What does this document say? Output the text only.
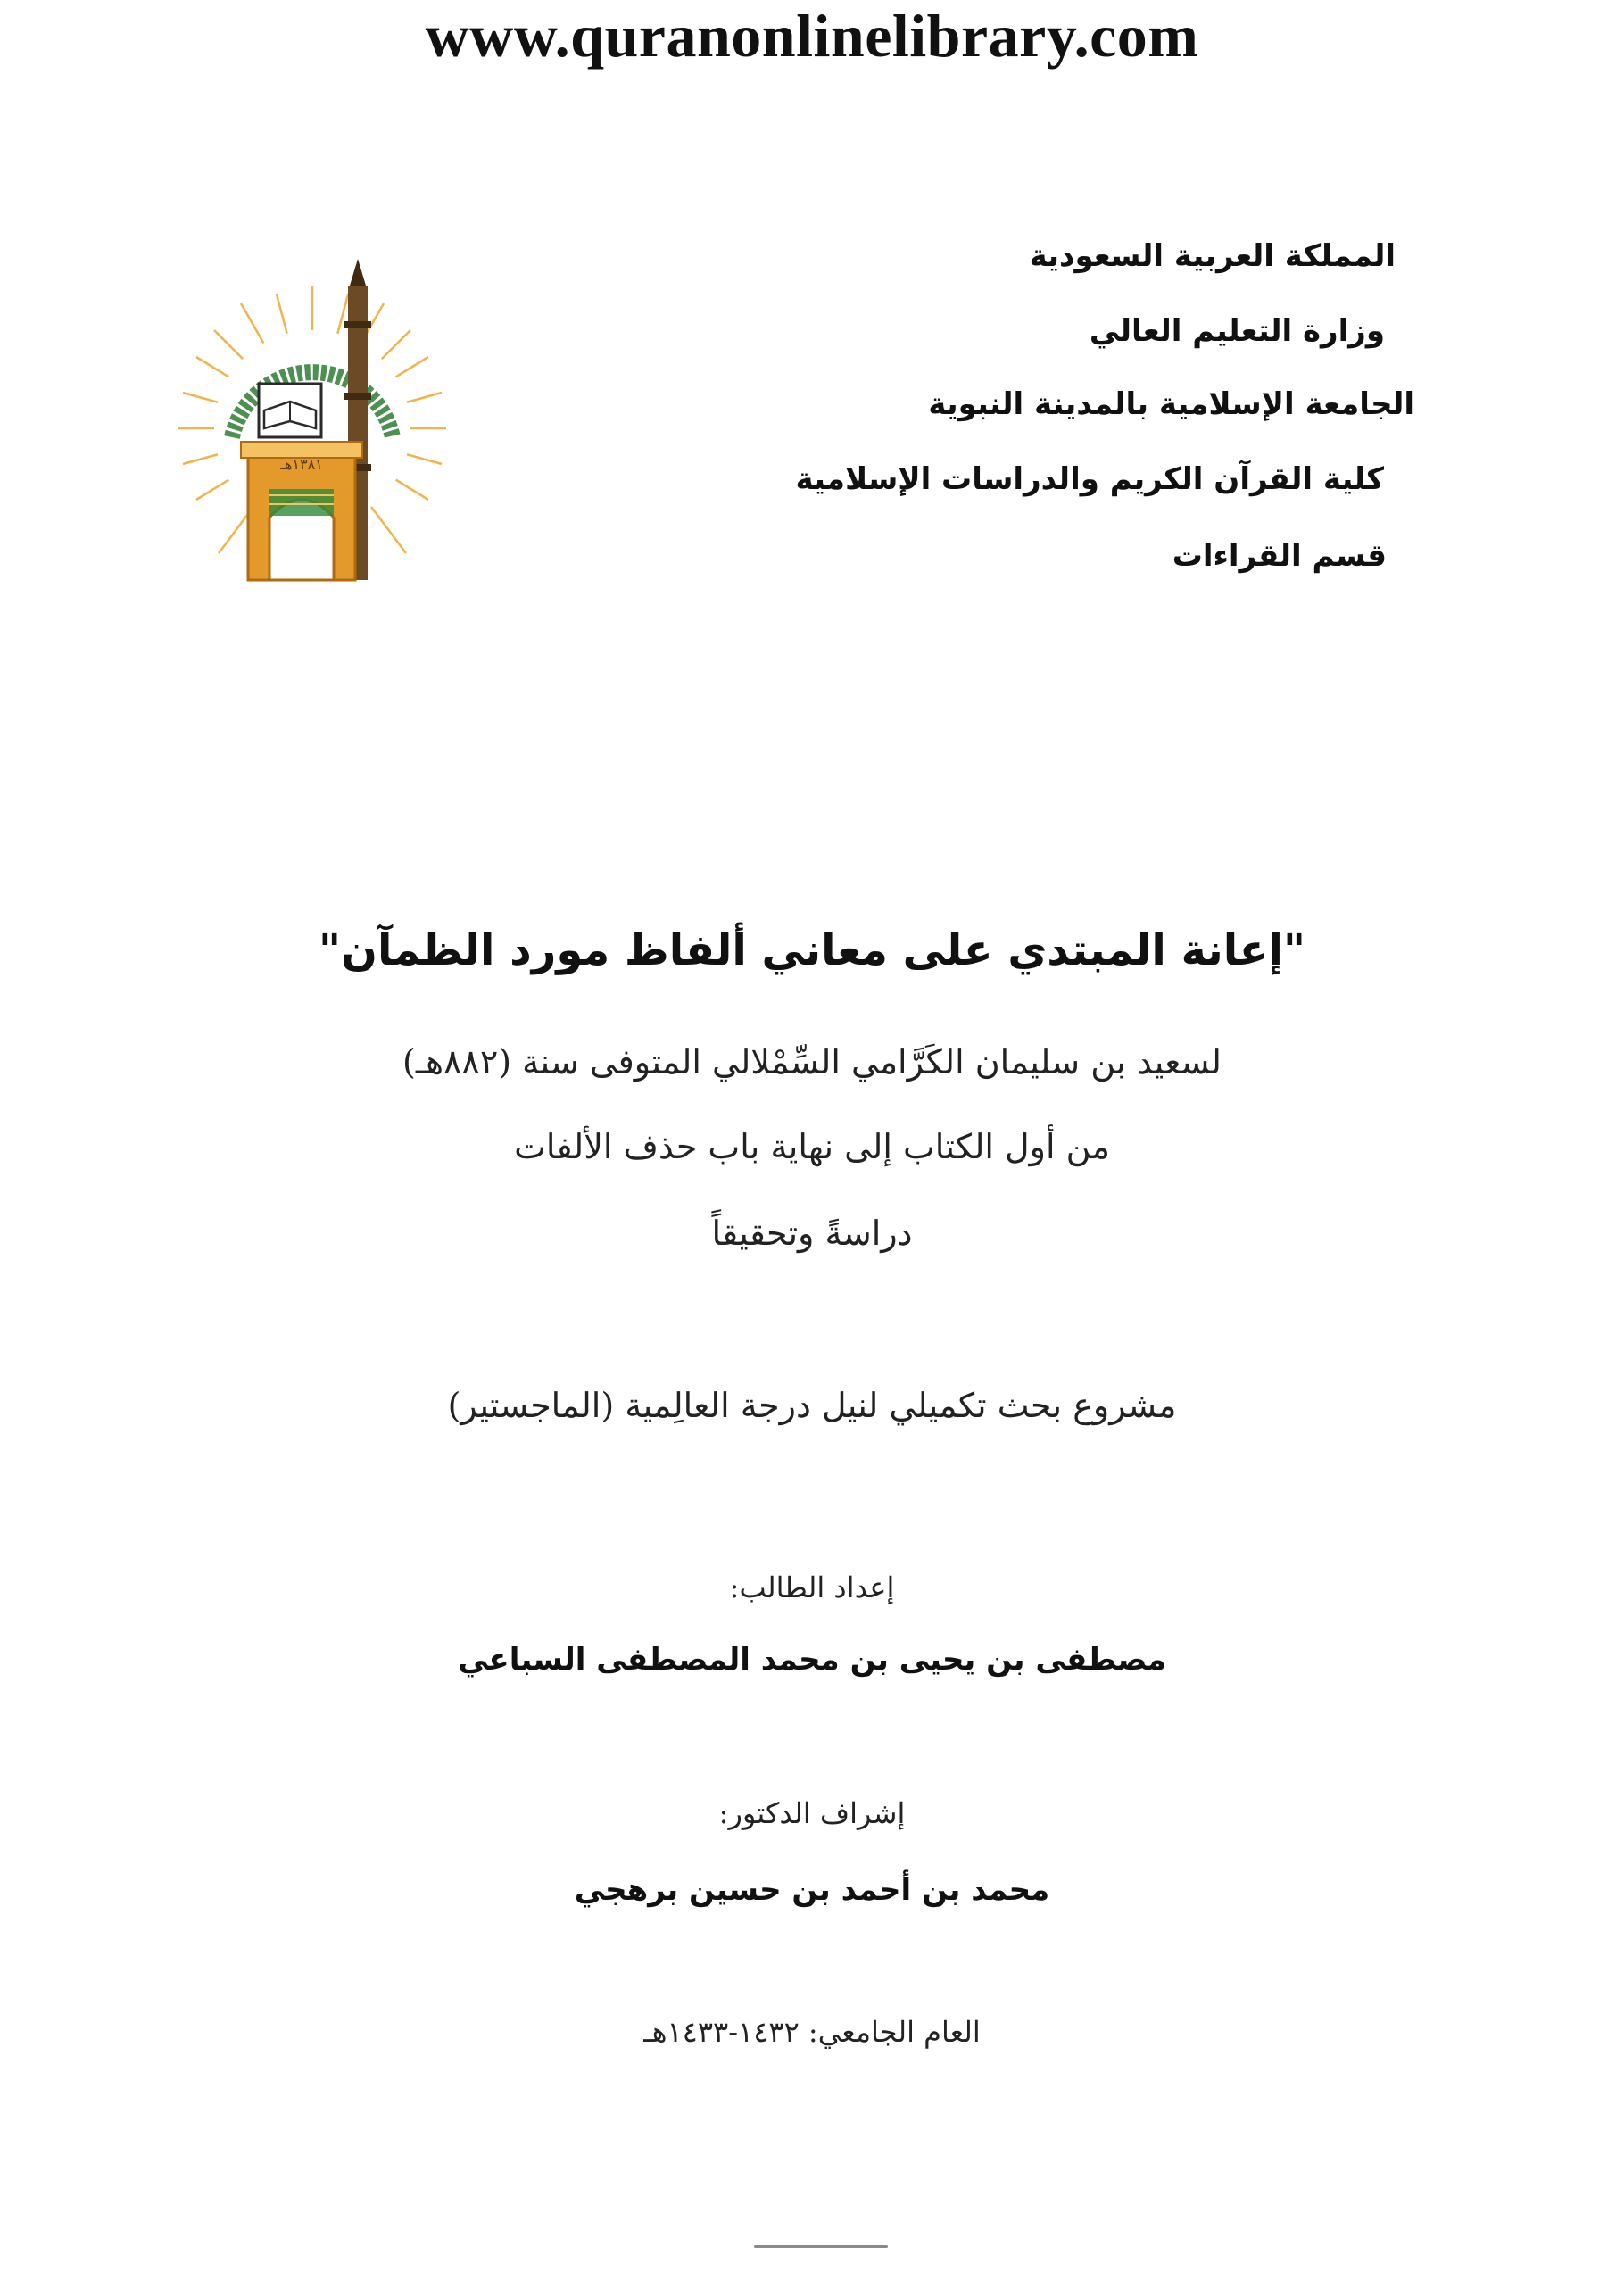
www.quranonlinelibrary.com
١٣٨١هـ
المملكة العربية السعودية
وزارة التعليم العالي
الجامعة الإسلامية بالمدينة النبوية
كلية القرآن الكريم والدراسات الإسلامية
قسم القراءات
"إعانة المبتدي على معاني ألفاظ مورد الظمآن"
لسعيد بن سليمان الكَرَّامي السِّمْلالي المتوفى سنة (٨٨٢هـ)
من أول الكتاب إلى نهاية باب حذف الألفات
دراسةً وتحقيقاً
مشروع بحث تكميلي لنيل درجة العالِمية (الماجستير)
إعداد الطالب:
مصطفى بن يحيى بن محمد المصطفى السباعي
إشراف الدكتور:
محمد بن أحمد بن حسين برهجي
العام الجامعي: ١٤٣٢-١٤٣٣هـ
